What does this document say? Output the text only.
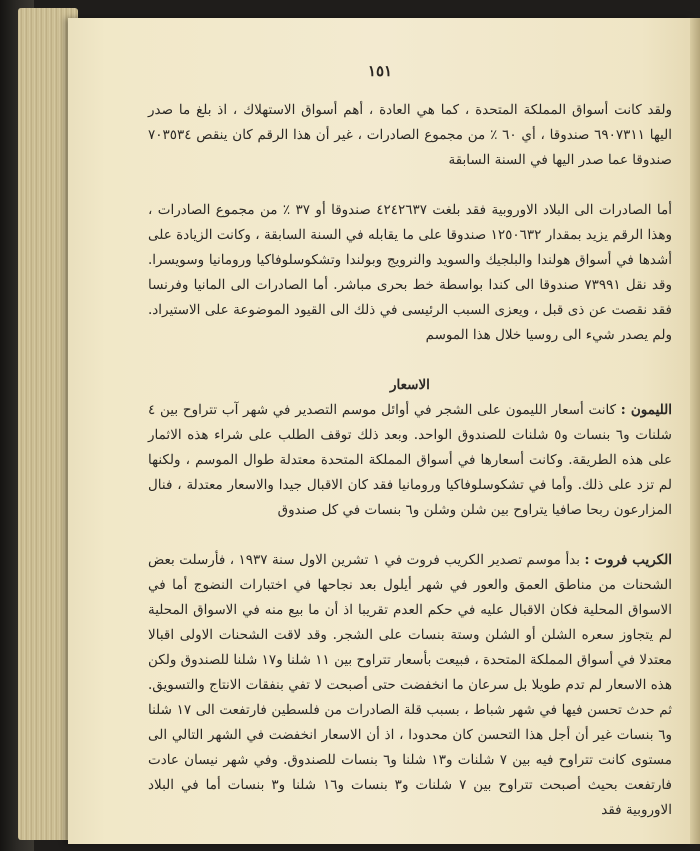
١٥١

ولقد كانت أسواق المملكة المتحدة ، كما هي العادة ، أهم أسواق الاستهلاك ، اذ بلغ ما صدر اليها ٦٩٠٧٣١١ صندوقا ، أي ٦٠ ٪ من مجموع الصادرات ، غير أن هذا الرقم كان ينقص ٧٠٣٥٣٤ صندوقا عما صدر اليها في السنة السابقة

أما الصادرات الى البلاد الاوروبية فقد بلغت ٤٢٤٢٦٣٧ صندوقا أو ٣٧ ٪ من مجموع الصادرات ، وهذا الرقم يزيد بمقدار ١٢٥٠٦٣٢ صندوقا على ما يقابله في السنة السابقة ، وكانت الزيادة على أشدها في أسواق هولندا والبلجيك والسويد والنرويج وبولندا وتشكوسلوفاكيا ورومانيا وسويسرا. وقد نقل ٧٣٩٩١ صندوقا الى كندا بواسطة خط بحرى مباشر. أما الصادرات الى المانيا وفرنسا فقد نقصت عن ذى قبل ، ويعزى السبب الرئيسى في ذلك الى القيود الموضوعة على الاستيراد. ولم يصدر شيء الى روسيا خلال هذا الموسم

الاسعار

الليمون : كانت أسعار الليمون على الشجر في أوائل موسم التصدير في شهر آب تتراوح بين ٤ شلنات و٦ بنسات و٥ شلنات للصندوق الواحد. وبعد ذلك توقف الطلب على شراء هذه الاثمار على هذه الطريقة. وكانت أسعارها في أسواق المملكة المتحدة معتدلة طوال الموسم ، ولكنها لم تزد على ذلك. وأما في تشكوسلوفاكيا ورومانيا فقد كان الاقبال جيدا والاسعار معتدلة ، فنال المزارعون ربحا صافيا يتراوح بين شلن وشلن و٦ بنسات في كل صندوق

الكريب فروت : بدأ موسم تصدير الكريب فروت في ١ تشرين الاول سنة ١٩٣٧ ، فأرسلت بعض الشحنات من مناطق العمق والعور في شهر أيلول بعد نجاحها في اختبارات النضوج أما في الاسواق المحلية فكان الاقبال عليه في حكم العدم تقريبا اذ أن ما بيع منه في الاسواق المحلية لم يتجاوز سعره الشلن أو الشلن وستة بنسات على الشجر. وقد لاقت الشحنات الاولى اقبالا معتدلا في أسواق المملكة المتحدة ، فبيعت بأسعار تتراوح بين ١١ شلنا و١٧ شلنا للصندوق ولكن هذه الاسعار لم تدم طويلا بل سرعان ما انخفضت حتى أصبحت لا تفي بنفقات الانتاج والتسويق. ثم حدث تحسن فيها في شهر شباط ، بسبب قلة الصادرات من فلسطين فارتفعت الى ١٧ شلنا و٦ بنسات غير أن أجل هذا التحسن كان محدودا ، اذ أن الاسعار انخفضت في الشهر التالي الى مستوى كانت تتراوح فيه بين ٧ شلنات و١٣ شلنا و٦ بنسات للصندوق. وفي شهر نيسان عادت فارتفعت بحيث أصبحت تتراوح بين ٧ شلنات و٣ بنسات و١٦ شلنا و٣ بنسات أما في البلاد الاوروبية فقد
